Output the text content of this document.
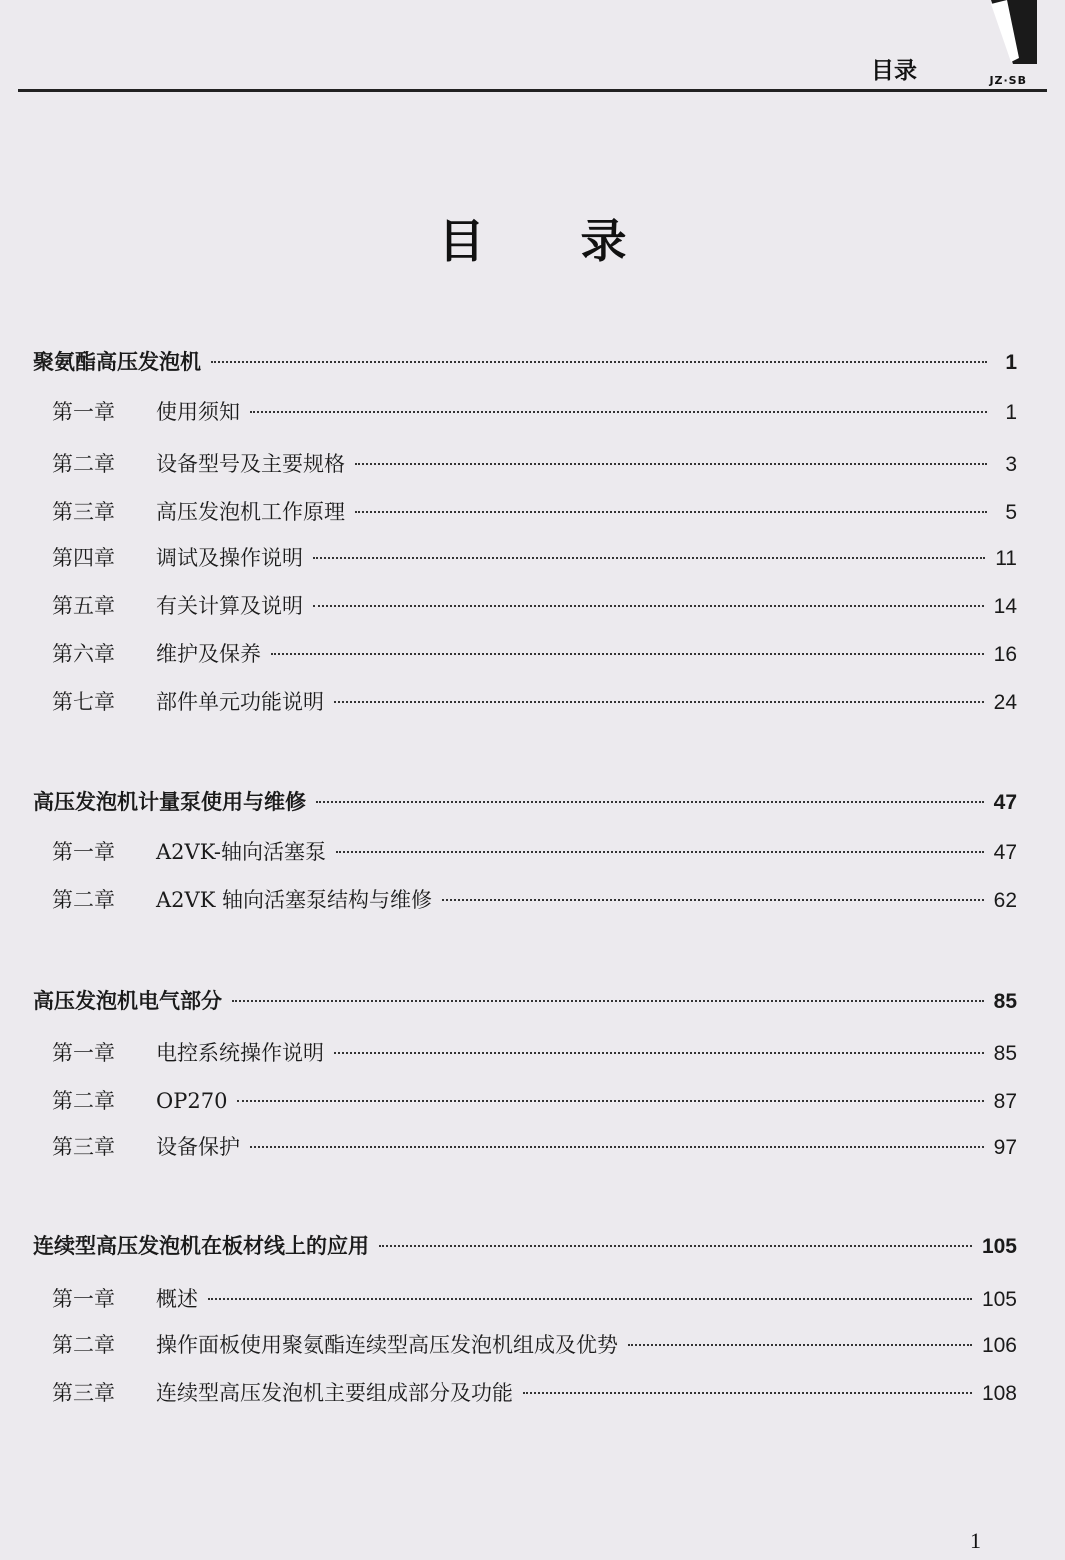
目录	JZ·SB
目 录
聚氨酯高压发泡机	1
第一章	使用须知	1
第二章	设备型号及主要规格	3
第三章	高压发泡机工作原理	5
第四章	调试及操作说明	11
第五章	有关计算及说明	14
第六章	维护及保养	16
第七章	部件单元功能说明	24
高压发泡机计量泵使用与维修	47
第一章	A2VK-轴向活塞泵	47
第二章	A2VK 轴向活塞泵结构与维修	62
高压发泡机电气部分	85
第一章	电控系统操作说明	85
第二章	OP270	87
第三章	设备保护	97
连续型高压发泡机在板材线上的应用	105
第一章	概述	105
第二章	操作面板使用聚氨酯连续型高压发泡机组成及优势	106
第三章	连续型高压发泡机主要组成部分及功能	108
1
